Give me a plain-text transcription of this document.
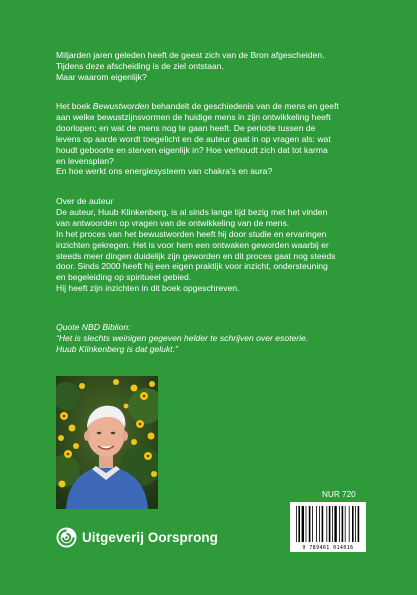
Miljarden jaren geleden heeft de geest zich van de Bron afgescheiden.
Tijdens deze afscheiding is de ziel ontstaan.
Maar waarom eigenlijk?
Het boek Bewustworden behandelt de geschiedenis van de mens en geeft
aan welke bewustzijnsvormen de huidige mens in zijn ontwikkeling heeft
doorlopen; en wat de mens nog te gaan heeft. De periode tussen de
levens op aarde wordt toegelicht en de auteur gaat in op vragen als: wat
houdt geboorte en sterven eigenlijk in? Hoe verhoudt zich dat tot karma
en levensplan?
En hoe werkt ons energiesysteem van chakra’s en aura?
Over de auteur
De auteur, Huub Klinkenberg, is al sinds lange tijd bezig met het vinden
van antwoorden op vragen van de ontwikkeling van de mens.
In het proces van het bewustworden heeft hij door studie en ervaringen
inzichten gekregen. Het is voor hem een ontwaken geworden waarbij er
steeds meer dingen duidelijk zijn geworden en dit proces gaat nog steeds
door. Sinds 2000 heeft hij een eigen praktijk voor inzicht, ondersteuning
en begeleiding op spiritueel gebied.
Hij heeft zijn inzichten in dit boek opgeschreven.
Quote NBD Biblion:
“Het is slechts weinigen gegeven helder te schrijven over esoterie.
Huub Klinkenberg is dat gelukt.”
NUR 720
Uitgeverij Oorsprong
9 789461 014016
